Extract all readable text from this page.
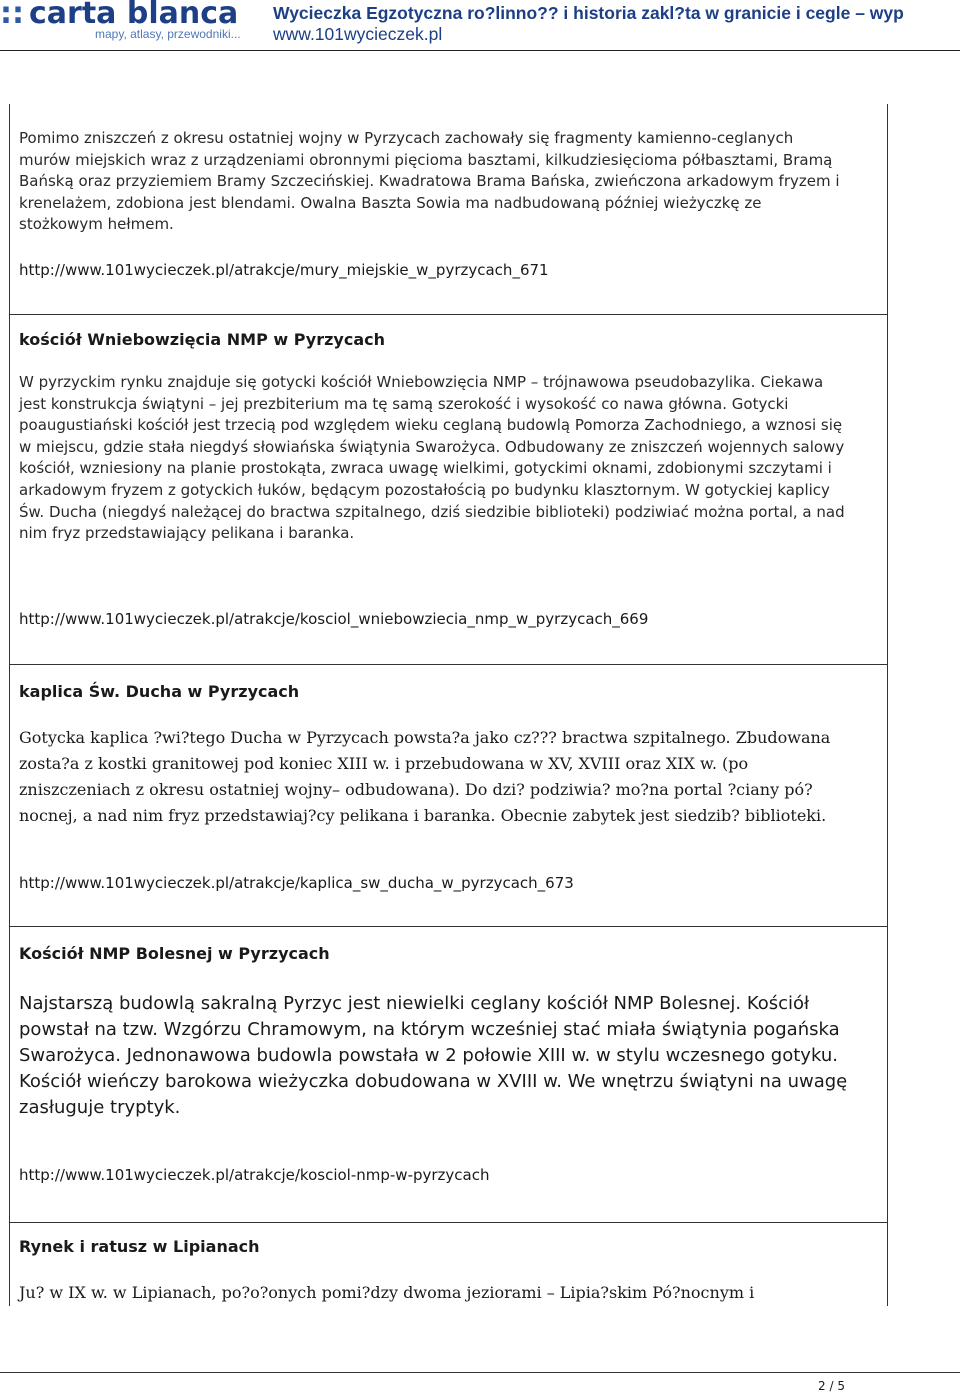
:: carta blanca
mapy, atlasy, przewodniki...
Wycieczka Egzotyczna ro?linno?? i historia zakl?ta w granicie i cegle – wyp
www.101wycieczek.pl
Pomimo zniszczeń z okresu ostatniej wojny w Pyrzycach zachowały się fragmenty kamienno-ceglanych murów miejskich wraz z urządzeniami obronnymi pięcioma basztami, kilkudziesięcioma półbasztami, Bramą Bańską oraz przyziemiem Bramy Szczecińskiej. Kwadratowa Brama Bańska, zwieńczona arkadowym fryzem i krenelażem, zdobiona jest blendami. Owalna Baszta Sowia ma nadbudowaną później wieżyczkę ze stożkowym hełmem.
http://www.101wycieczek.pl/atrakcje/mury_miejskie_w_pyrzycach_671
kościół Wniebowzięcia NMP w Pyrzycach
W pyrzyckim rynku znajduje się gotycki kościół Wniebowzięcia NMP – trójnawowa pseudobazylika. Ciekawa jest konstrukcja świątyni – jej prezbiterium ma tę samą szerokość i wysokość co nawa główna. Gotycki poaugustiański kościół jest trzecią pod względem wieku ceglaną budowlą Pomorza Zachodniego, a wznosi się w miejscu, gdzie stała niegdyś słowiańska świątynia Swarożyca. Odbudowany ze zniszczeń wojennych salowy kościół, wzniesiony na planie prostokąta, zwraca uwagę wielkimi, gotyckimi oknami, zdobionymi szczytami i arkadowym fryzem z gotyckich łuków, będącym pozostałością po budynku klasztornym. W gotyckiej kaplicy Św. Ducha (niegdyś należącej do bractwa szpitalnego, dziś siedzibie biblioteki) podziwiać można portal, a nad nim fryz przedstawiający pelikana i baranka.
http://www.101wycieczek.pl/atrakcje/kosciol_wniebowziecia_nmp_w_pyrzycach_669
kaplica Św. Ducha w Pyrzycach
Gotycka kaplica ?wi?tego Ducha w Pyrzycach powsta?a jako cz??? bractwa szpitalnego. Zbudowana zosta?a z kostki granitowej pod koniec XIII w. i przebudowana w XV, XVIII oraz XIX w. (po zniszczeniach z okresu ostatniej wojny– odbudowana). Do dzi? podziwia? mo?na portal ?ciany pó?nocnej, a nad nim fryz przedstawiaj?cy pelikana i baranka. Obecnie zabytek jest siedzib? biblioteki.
http://www.101wycieczek.pl/atrakcje/kaplica_sw_ducha_w_pyrzycach_673
Kościół NMP Bolesnej w Pyrzycach
Najstarszą budowlą sakralną Pyrzyc jest niewielki ceglany kościół NMP Bolesnej. Kościół powstał na tzw. Wzgórzu Chramowym, na którym wcześniej stać miała świątynia pogańska Swarożyca. Jednonawowa budowla powstała w 2 połowie XIII w. w stylu wczesnego gotyku. Kościół wieńczy barokowa wieżyczka dobudowana w XVIII w. We wnętrzu świątyni na uwagę zasługuje tryptyk.
http://www.101wycieczek.pl/atrakcje/kosciol-nmp-w-pyrzycach
Rynek i ratusz w Lipianach
Ju? w IX w. w Lipianach, po?o?onych pomi?dzy dwoma jeziorami – Lipia?skim Pó?nocnym i
2 / 5
